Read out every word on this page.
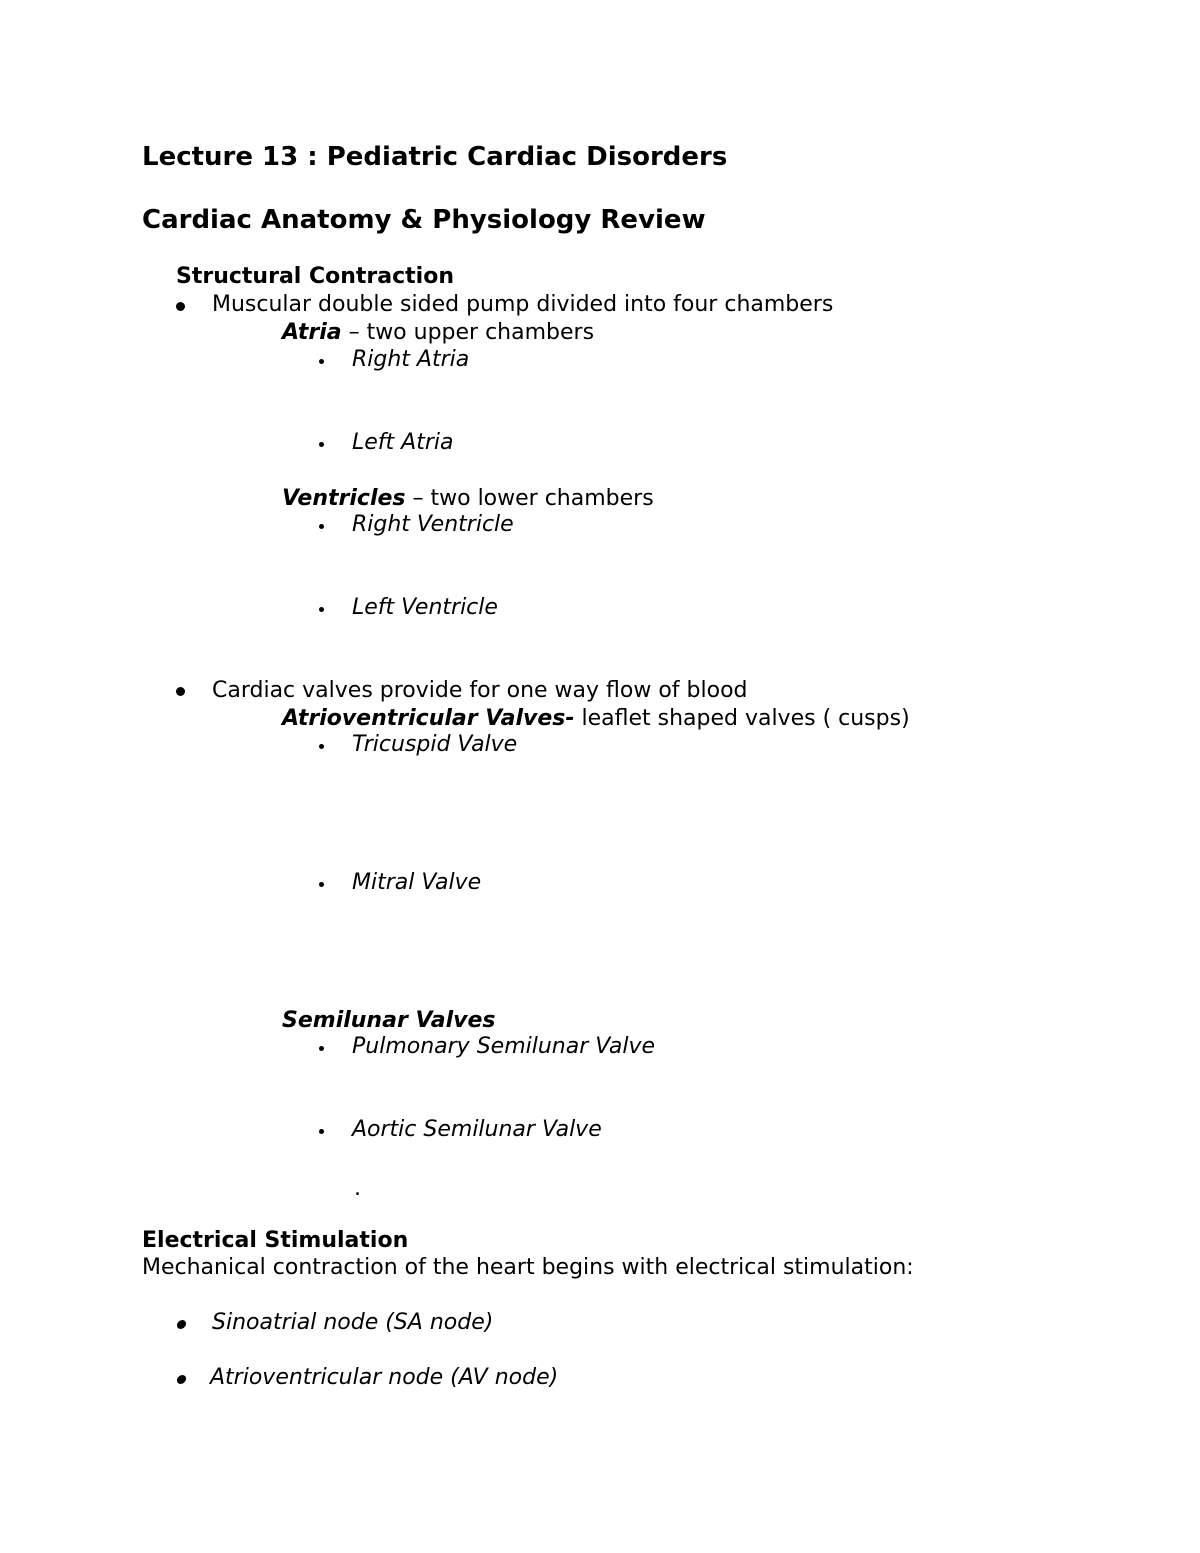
Lecture 13 : Pediatric Cardiac Disorders
Cardiac Anatomy & Physiology Review
Structural Contraction
Muscular double sided pump divided into four chambers
Atria – two upper chambers
Right Atria
Left Atria
Ventricles – two lower chambers
Right Ventricle
Left Ventricle
Cardiac valves provide for one way flow of blood
Atrioventricular Valves- leaflet shaped valves ( cusps)
Tricuspid Valve
Mitral Valve
Semilunar Valves
Pulmonary Semilunar Valve
Aortic Semilunar Valve
.
Electrical Stimulation
Mechanical contraction of the heart begins with electrical stimulation:
Sinoatrial node (SA node)
Atrioventricular node (AV node)
